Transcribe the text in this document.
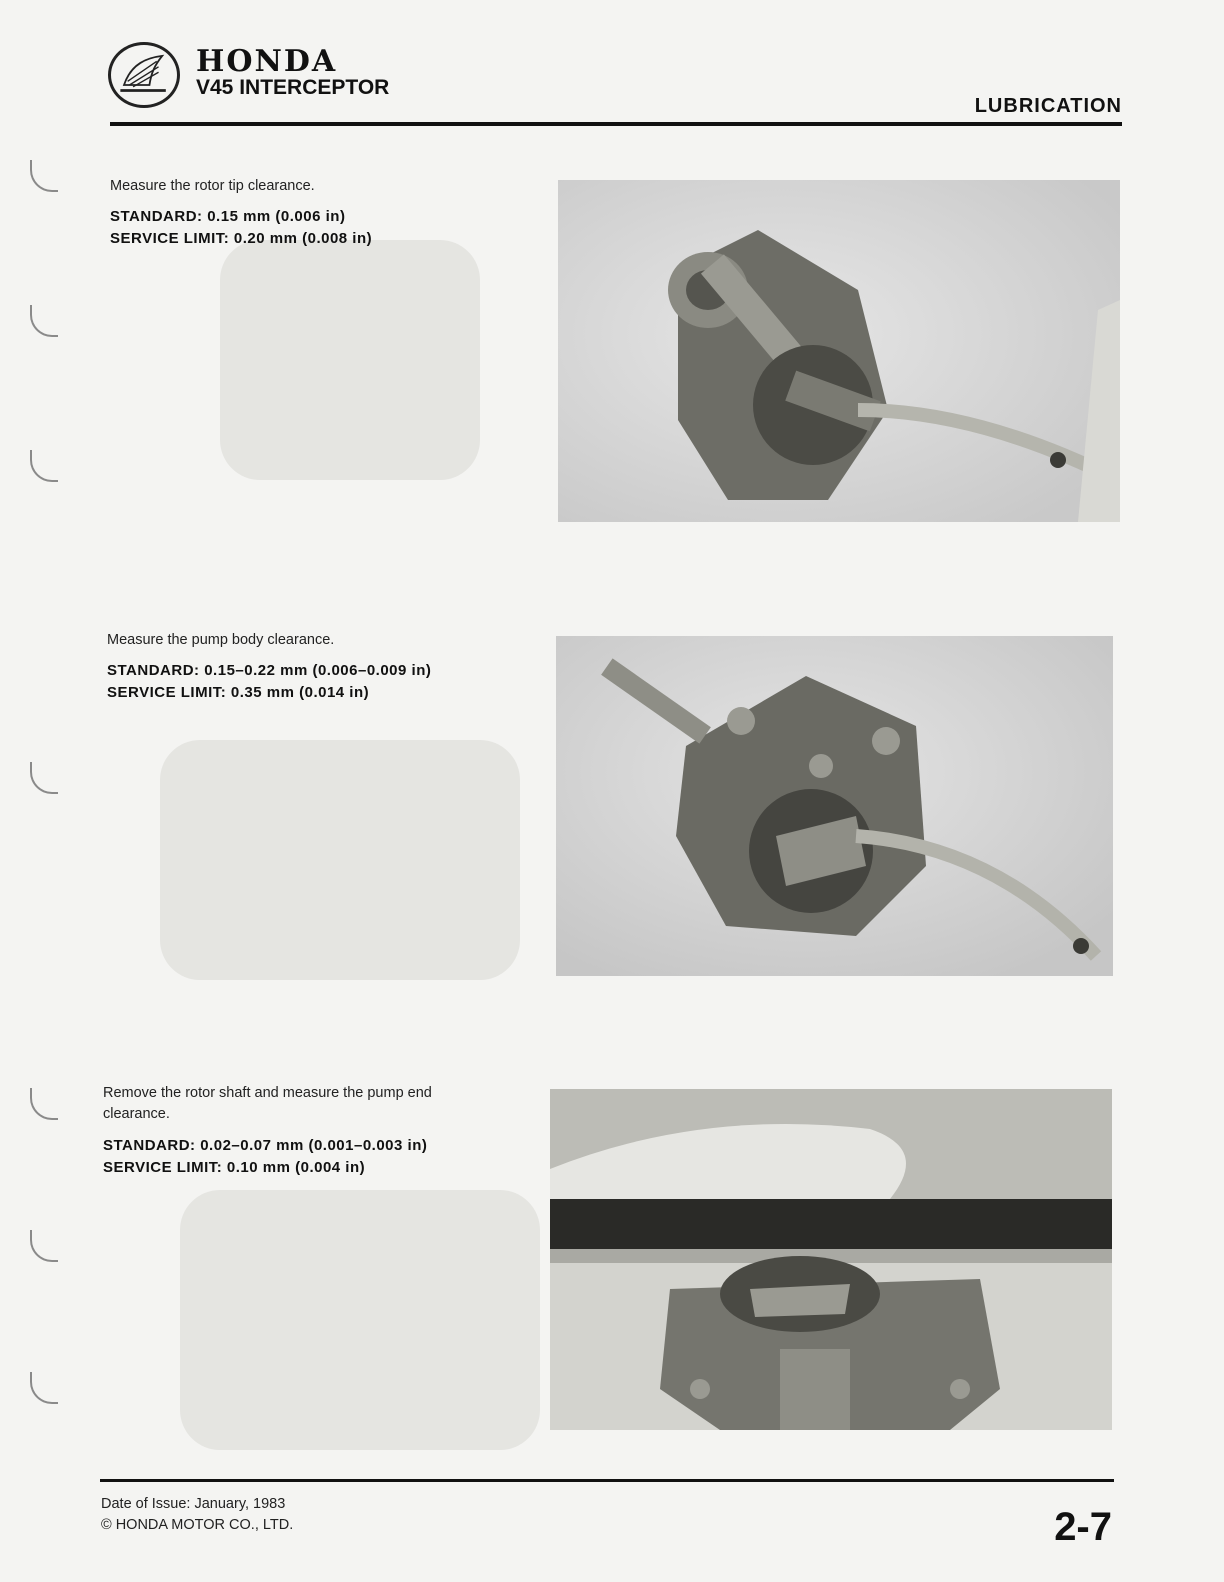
HONDA
V45 INTERCEPTOR
LUBRICATION
Measure the rotor tip clearance.
STANDARD: 0.15 mm (0.006 in)
SERVICE LIMIT: 0.20 mm (0.008 in)
Measure the pump body clearance.
STANDARD: 0.15–0.22 mm (0.006–0.009 in)
SERVICE LIMIT: 0.35 mm (0.014 in)
Remove the rotor shaft and measure the pump end clearance.
STANDARD: 0.02–0.07 mm (0.001–0.003 in)
SERVICE LIMIT: 0.10 mm (0.004 in)
Date of Issue: January, 1983
© HONDA MOTOR CO., LTD.	2-7
